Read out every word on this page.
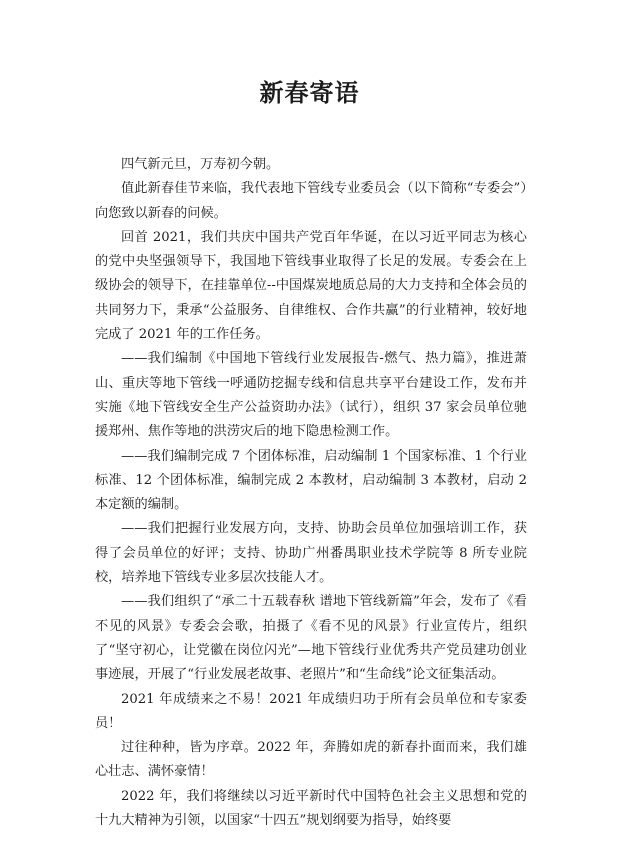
新春寄语

四气新元旦，万寿初今朝。

值此新春佳节来临，我代表地下管线专业委员会（以下简称“专委会”）向您致以新春的问候。

回首 2021，我们共庆中国共产党百年华诞，在以习近平同志为核心的党中央坚强领导下，我国地下管线事业取得了长足的发展。专委会在上级协会的领导下，在挂靠单位--中国煤炭地质总局的大力支持和全体会员的共同努力下，秉承“公益服务、自律维权、合作共赢”的行业精神，较好地完成了 2021 年的工作任务。

——我们编制《中国地下管线行业发展报告-燃气、热力篇》，推进萧山、重庆等地下管线一呼通防挖掘专线和信息共享平台建设工作，发布并实施《地下管线安全生产公益资助办法》（试行），组织 37 家会员单位驰援郑州、焦作等地的洪涝灾后的地下隐患检测工作。

——我们编制完成 7 个团体标准，启动编制 1 个国家标准、1 个行业标准、12 个团体标准，编制完成 2 本教材，启动编制 3 本教材，启动 2 本定额的编制。

——我们把握行业发展方向，支持、协助会员单位加强培训工作，获得了会员单位的好评；支持、协助广州番禺职业技术学院等 8 所专业院校，培养地下管线专业多层次技能人才。

——我们组织了“承二十五载春秋 谱地下管线新篇”年会，发布了《看不见的风景》专委会会歌，拍摄了《看不见的风景》行业宣传片，组织了“坚守初心，让党徽在岗位闪光”—地下管线行业优秀共产党员建功创业事迹展，开展了“行业发展老故事、老照片”和“生命线”论文征集活动。

2021 年成绩来之不易！2021 年成绩归功于所有会员单位和专家委员！

过往种种，皆为序章。2022 年，奔腾如虎的新春扑面而来，我们雄心壮志、满怀豪情！

2022 年，我们将继续以习近平新时代中国特色社会主义思想和党的十九大精神为引领，以国家“十四五”规划纲要为指导，始终要
